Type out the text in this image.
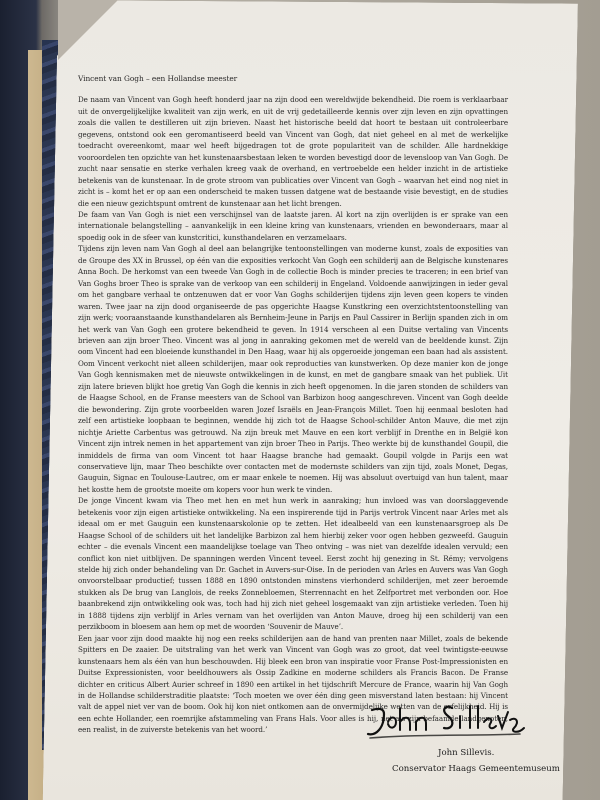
Vincent van Gogh – een Hollandse meester

De naam van Vincent van Gogh heeft honderd jaar na zijn dood een wereldwijde bekendheid. Die roem is verklaarbaar uit de onvergelijkelijke kwaliteit van zijn werk, en uit de vrij gedetailleerde kennis over zijn leven en zijn opvattingen zoals die vallen te destilleren uit zijn brieven. Naast het historische beeld dat hoort te bestaan uit controleerbare gegevens, ontstond ook een geromantiseerd beeld van Vincent van Gogh, dat niet geheel en al met de werkelijke toedracht overeenkomt, maar wel heeft bijgedragen tot de grote populariteit van de schilder. Alle hardnekkige vooroordelen ten opzichte van het kunstenaarsbestaan leken te worden bevestigd door de levensloop van Van Gogh. De zucht naar sensatie en sterke verhalen kreeg vaak de overhand, en vertroebelde een helder inzicht in de artistieke betekenis van de kunstenaar. In de grote stroom van publicaties over Vincent van Gogh – waarvan het eind nog niet in zicht is – komt het er op aan een onderscheid te maken tussen datgene wat de bestaande visie bevestigt, en de studies die een nieuw gezichtspunt omtrent de kunstenaar aan het licht brengen.

De faam van Van Gogh is niet een verschijnsel van de laatste jaren. Al kort na zijn overlijden is er sprake van een internationale belangstelling – aanvankelijk in een kleine kring van kunstenaars, vrienden en bewonderaars, maar al spoedig ook in de sfeer van kunstcritici, kunsthandelaren en verzamelaars.

Tijdens zijn leven nam Van Gogh al deel aan belangrijke tentoonstellingen van moderne kunst, zoals de exposities van de Groupe des XX in Brussel, op één van die exposities verkocht Van Gogh een schilderij aan de Belgische kunstenares Anna Boch. De herkomst van een tweede Van Gogh in de collectie Boch is minder precies te traceren; in een brief van Van Goghs broer Theo is sprake van de verkoop van een schilderij in Engeland. Voldoende aanwijzingen in ieder geval om het gangbare verhaal te ontzenuwen dat er voor Van Goghs schilderijen tijdens zijn leven geen kopers te vinden waren. Twee jaar na zijn dood organiseerde de pas opgerichte Haagse Kunstkring een overzichtstentoonstelling van zijn werk; vooraanstaande kunsthandelaren als Bernheim-Jeune in Parijs en Paul Cassirer in Berlijn spanden zich in om het werk van Van Gogh een grotere bekendheid te geven. In 1914 verscheen al een Duitse vertaling van Vincents brieven aan zijn broer Theo. Vincent was al jong in aanraking gekomen met de wereld van de beeldende kunst. Zijn oom Vincent had een bloeiende kunsthandel in Den Haag, waar hij als opgeroeide jongeman een baan had als assistent. Oom Vincent verkocht niet alleen schilderijen, maar ook reproducties van kunstwerken. Op deze manier kon de jonge Van Gogh kennismaken met de nieuwste ontwikkelingen in de kunst, en met de gangbare smaak van het publiek. Uit zijn latere brieven blijkt hoe gretig Van Gogh die kennis in zich heeft opgenomen. In die jaren stonden de schilders van de Haagse School, en de Franse meesters van de School van Barbizon hoog aangeschreven. Vincent van Gogh deelde die bewondering. Zijn grote voorbeelden waren Jozef Israëls en Jean-François Millet. Toen hij eenmaal besloten had zelf een artistieke loopbaan te beginnen, wendde hij zich tot de Haagse School-schilder Anton Mauve, die met zijn nichtje Ariette Carbentus was getrouwd. Na zijn breuk met Mauve en een kort verblijf in Drenthe en in België kon Vincent zijn intrek nemen in het appartement van zijn broer Theo in Parijs. Theo werkte bij de kunsthandel Goupil, die inmiddels de firma van oom Vincent tot haar Haagse branche had gemaakt. Goupil volgde in Parijs een wat conservatieve lijn, maar Theo beschikte over contacten met de modernste schilders van zijn tijd, zoals Monet, Degas, Gauguin, Signac en Toulouse-Lautrec, om er maar enkele te noemen. Hij was absoluut overtuigd van hun talent, maar het kostte hem de grootste moeite om kopers voor hun werk te vinden.

De jonge Vincent kwam via Theo met hen en met hun werk in aanraking; hun invloed was van doorslaggevende betekenis voor zijn eigen artistieke ontwikkeling. Na een inspirerende tijd in Parijs vertrok Vincent naar Arles met als ideaal om er met Gauguin een kunstenaarskolonie op te zetten. Het idealbeeld van een kunstenaarsgroep als De Haagse School of de schilders uit het landelijke Barbizon zal hem hierbij zeker voor ogen hebben gezweefd. Gauguin echter – die evenals Vincent een maandelijkse toelage van Theo ontving – was niet van dezelfde idealen vervuld; een conflict kon niet uitblijven. De spanningen werden Vincent teveel. Eerst zocht hij genezing in St. Rémy; vervolgens stelde hij zich onder behandeling van Dr. Gachet in Auvers-sur-Oise. In de perioden van Arles en Auvers was Van Gogh onvoorstelbaar productief; tussen 1888 en 1890 ontstonden minstens vierhonderd schilderijen, met zeer beroemde stukken als De brug van Langlois, de reeks Zonnebloemen, Sterrennacht en het Zelfportret met verbonden oor. Hoe baanbrekend zijn ontwikkeling ook was, toch had hij zich niet geheel losgemaakt van zijn artistieke verleden. Toen hij in 1888 tijdens zijn verblijf in Arles vernam van het overlijden van Anton Mauve, droeg hij een schilderij van een perzikboom in bloesem aan hem op met de woorden ‘Souvenir de Mauve’.

Een jaar voor zijn dood maakte hij nog een reeks schilderijen aan de hand van prenten naar Millet, zoals de bekende Spitters en De zaaier. De uitstraling van het werk van Vincent van Gogh was zo groot, dat veel twintigste-eeuwse kunstenaars hem als één van hun beschouwden. Hij bleek een bron van inspiratie voor Franse Post-Impressionisten en Duitse Expressionisten, voor beeldhouwers als Ossip Zadkine en moderne schilders als Francis Bacon. De Franse dichter en criticus Albert Aurier schreef in 1890 een artikel in het tijdschrift Mercure de France, waarin hij Van Gogh in de Hollandse schilderstraditie plaatste: ‘Toch moeten we over één ding geen misverstand laten bestaan: hij Vincent valt de appel niet ver van de boom. Ook hij kon niet ontkomen aan de onvermijdelijke wetten van de erfelijkheid. Hij is een echte Hollander, een roemrijke afstammeling van Frans Hals. Voor alles is hij, net als zijn befaamde landgenoten, een realist, in de zuiverste betekenis van het woord.’

John Sillevis.
Conservator Haags Gemeentemuseum
